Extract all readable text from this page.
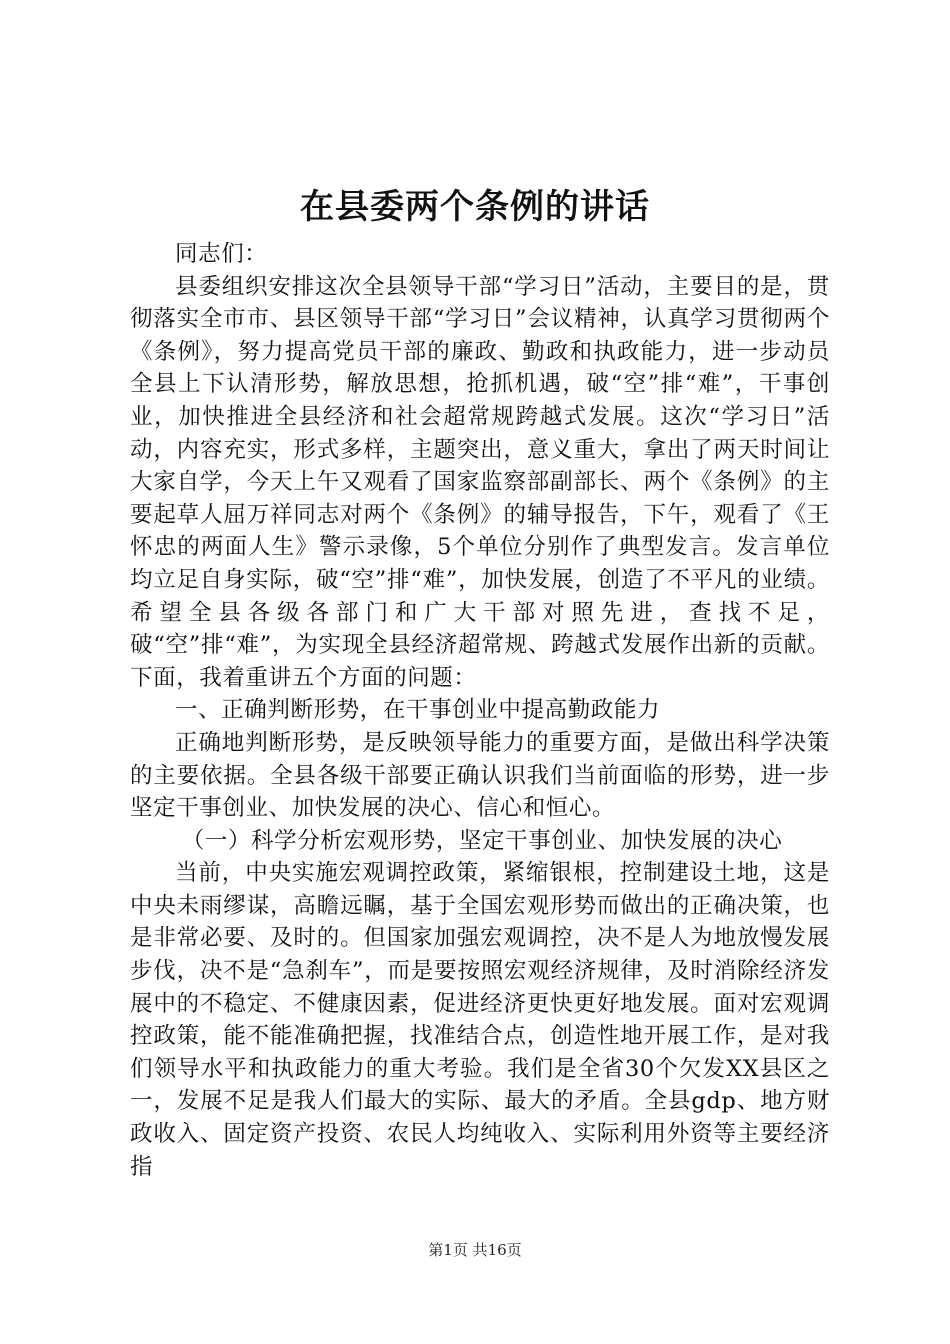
在县委两个条例的讲话

同志们：

县委组织安排这次全县领导干部“学习日”活动，主要目的是，贯彻落实全市市、县区领导干部“学习日”会议精神，认真学习贯彻两个《条例》，努力提高党员干部的廉政、勤政和执政能力，进一步动员全县上下认清形势，解放思想，抢抓机遇，破“空”排“难”，干事创业，加快推进全县经济和社会超常规跨越式发展。这次“学习日”活动，内容充实，形式多样，主题突出，意义重大，拿出了两天时间让大家自学，今天上午又观看了国家监察部副部长、两个《条例》的主要起草人屈万祥同志对两个《条例》的辅导报告，下午，观看了《王怀忠的两面人生》警示录像，5个单位分别作了典型发言。发言单位均立足自身实际，破“空”排“难”，加快发展，创造了不平凡的业绩。希望全县各级各部门和广大干部对照先进，查找不足，破“空”排“难”，为实现全县经济超常规、跨越式发展作出新的贡献。下面，我着重讲五个方面的问题：

一、正确判断形势，在干事创业中提高勤政能力

正确地判断形势，是反映领导能力的重要方面，是做出科学决策的主要依据。全县各级干部要正确认识我们当前面临的形势，进一步坚定干事创业、加快发展的决心、信心和恒心。

（一）科学分析宏观形势，坚定干事创业、加快发展的决心

当前，中央实施宏观调控政策，紧缩银根，控制建设土地，这是中央未雨缪谋，高瞻远瞩，基于全国宏观形势而做出的正确决策，也是非常必要、及时的。但国家加强宏观调控，决不是人为地放慢发展步伐，决不是“急刹车”，而是要按照宏观经济规律，及时消除经济发展中的不稳定、不健康因素，促进经济更快更好地发展。面对宏观调控政策，能不能准确把握，找准结合点，创造性地开展工作，是对我们领导水平和执政能力的重大考验。我们是全省30个欠发XX县区之一，发展不足是我人们最大的实际、最大的矛盾。全县gdp、地方财政收入、固定资产投资、农民人均纯收入、实际利用外资等主要经济指

第1页 共16页
